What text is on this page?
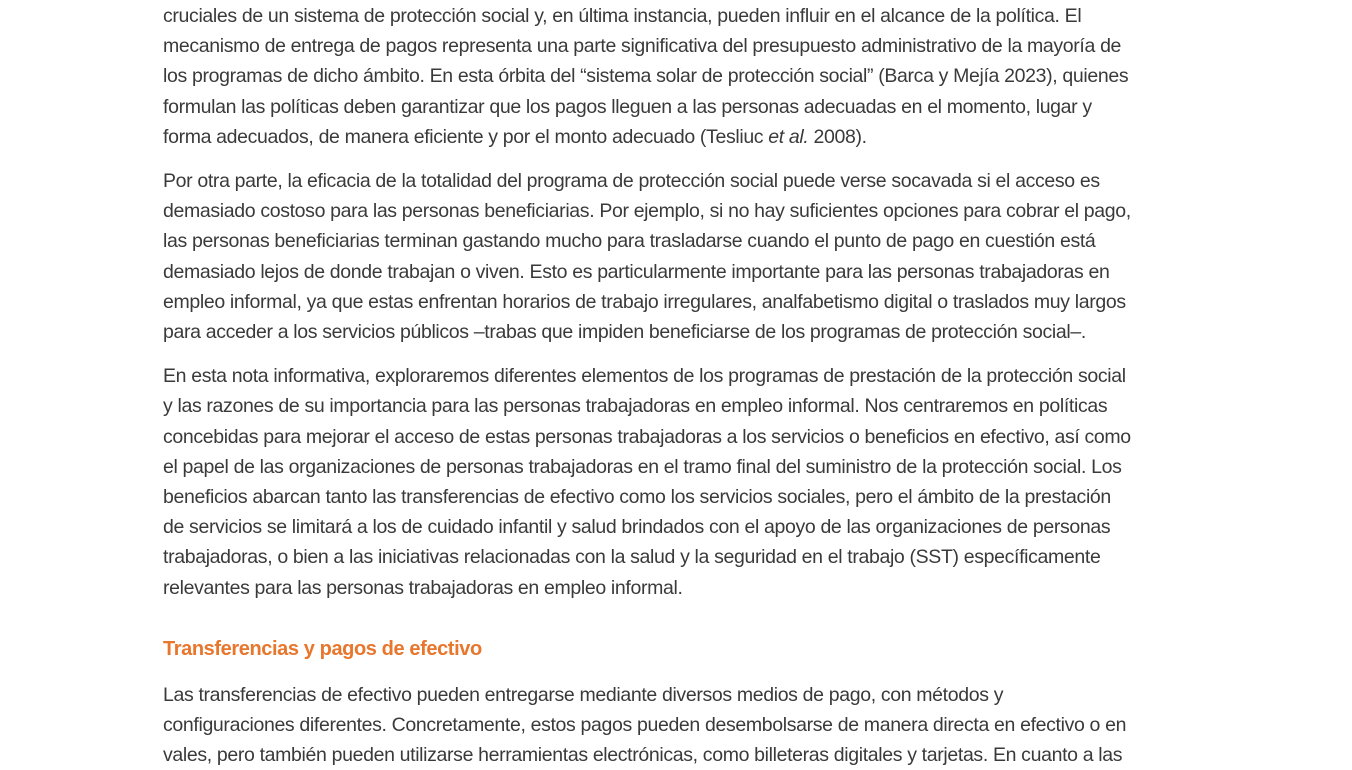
cruciales de un sistema de protección social y, en última instancia, pueden influir en el alcance de la política. El
mecanismo de entrega de pagos representa una parte significativa del presupuesto administrativo de la mayoría de
los programas de dicho ámbito. En esta órbita del “sistema solar de protección social” (Barca y Mejía 2023), quienes
formulan las políticas deben garantizar que los pagos lleguen a las personas adecuadas en el momento, lugar y
forma adecuados, de manera eficiente y por el monto adecuado (Tesliuc et al. 2008).

Por otra parte, la eficacia de la totalidad del programa de protección social puede verse socavada si el acceso es
demasiado costoso para las personas beneficiarias. Por ejemplo, si no hay suficientes opciones para cobrar el pago,
las personas beneficiarias terminan gastando mucho para trasladarse cuando el punto de pago en cuestión está
demasiado lejos de donde trabajan o viven. Esto es particularmente importante para las personas trabajadoras en
empleo informal, ya que estas enfrentan horarios de trabajo irregulares, analfabetismo digital o traslados muy largos
para acceder a los servicios públicos –trabas que impiden beneficiarse de los programas de protección social–.

En esta nota informativa, exploraremos diferentes elementos de los programas de prestación de la protección social
y las razones de su importancia para las personas trabajadoras en empleo informal. Nos centraremos en políticas
concebidas para mejorar el acceso de estas personas trabajadoras a los servicios o beneficios en efectivo, así como
el papel de las organizaciones de personas trabajadoras en el tramo final del suministro de la protección social. Los
beneficios abarcan tanto las transferencias de efectivo como los servicios sociales, pero el ámbito de la prestación
de servicios se limitará a los de cuidado infantil y salud brindados con el apoyo de las organizaciones de personas
trabajadoras, o bien a las iniciativas relacionadas con la salud y la seguridad en el trabajo (SST) específicamente
relevantes para las personas trabajadoras en empleo informal.

Transferencias y pagos de efectivo

Las transferencias de efectivo pueden entregarse mediante diversos medios de pago, con métodos y
configuraciones diferentes. Concretamente, estos pagos pueden desembolsarse de manera directa en efectivo o en
vales, pero también pueden utilizarse herramientas electrónicas, como billeteras digitales y tarjetas. En cuanto a las
